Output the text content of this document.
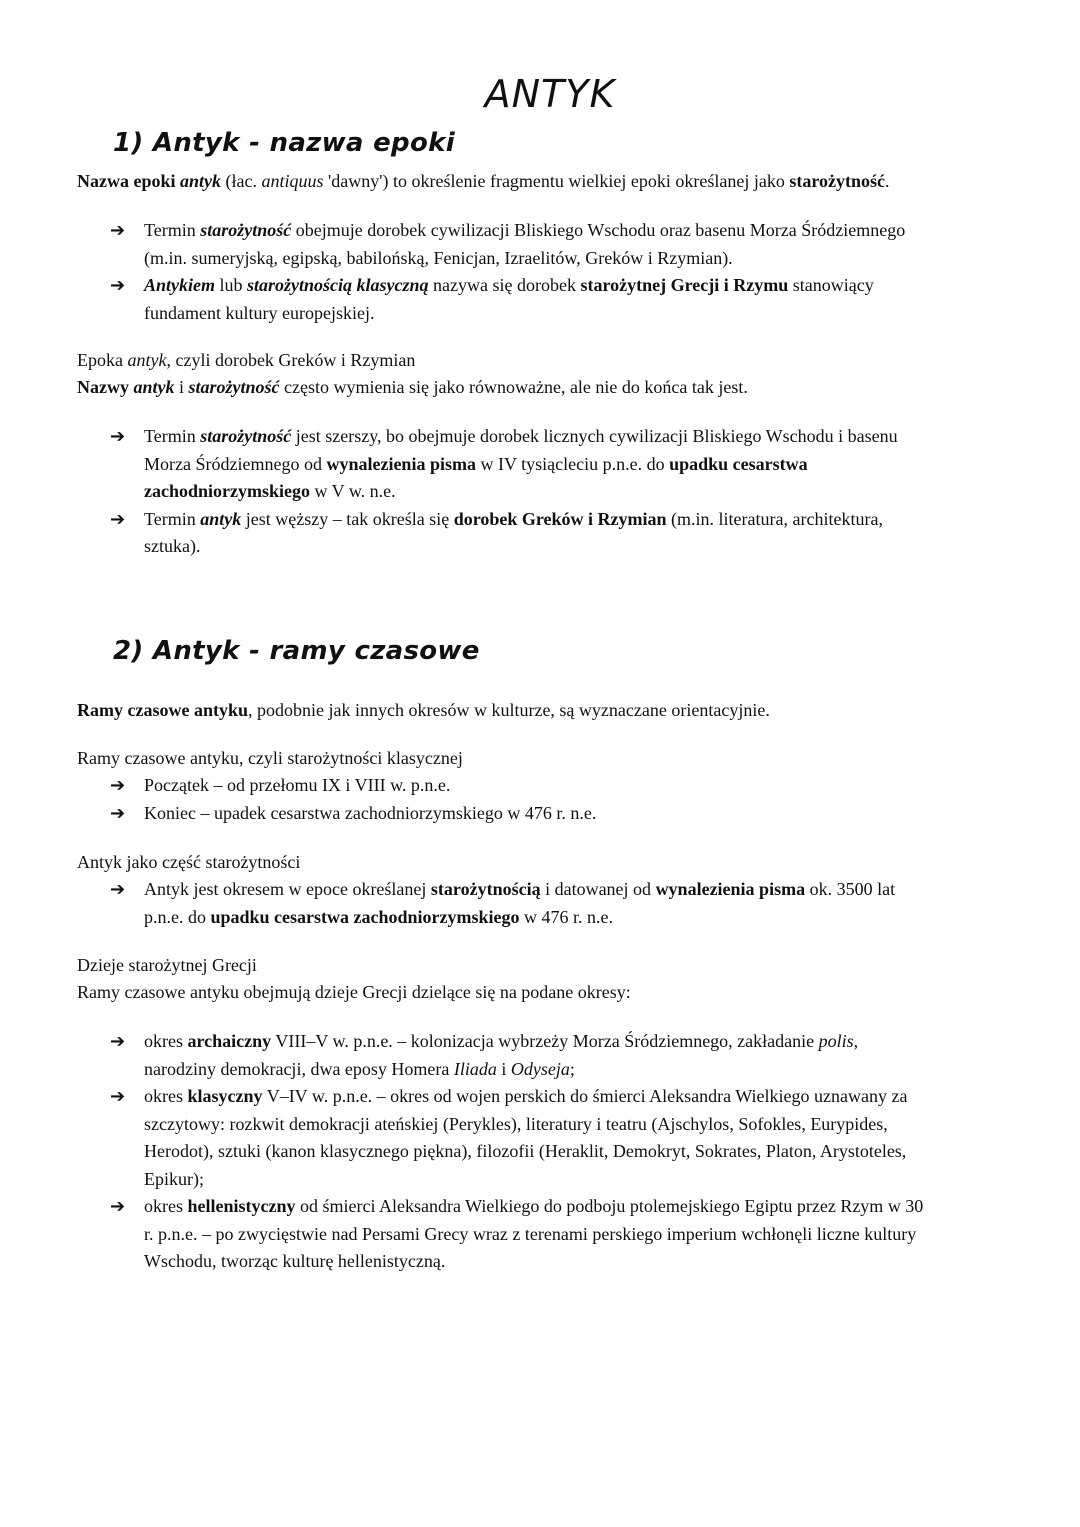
ANTYK
1) Antyk - nazwa epoki
Nazwa epoki antyk (łac. antiquus 'dawny') to określenie fragmentu wielkiej epoki określanej jako starożytność.
➔ Termin starożytność obejmuje dorobek cywilizacji Bliskiego Wschodu oraz basenu Morza Śródziemnego
(m.in. sumeryjską, egipską, babilońską, Fenicjan, Izraelitów, Greków i Rzymian).
➔ Antykiem lub starożytnością klasyczną nazywa się dorobek starożytnej Grecji i Rzymu stanowiący
fundament kultury europejskiej.
Epoka antyk, czyli dorobek Greków i Rzymian
Nazwy antyk i starożytność często wymienia się jako równoważne, ale nie do końca tak jest.
➔ Termin starożytność jest szerszy, bo obejmuje dorobek licznych cywilizacji Bliskiego Wschodu i basenu
Morza Śródziemnego od wynalezienia pisma w IV tysiącleciu p.n.e. do upadku cesarstwa
zachodniorzymskiego w V w. n.e.
➔ Termin antyk jest węższy – tak określa się dorobek Greków i Rzymian (m.in. literatura, architektura,
sztuka).
2) Antyk - ramy czasowe
Ramy czasowe antyku, podobnie jak innych okresów w kulturze, są wyznaczane orientacyjnie.
Ramy czasowe antyku, czyli starożytności klasycznej
➔ Początek – od przełomu IX i VIII w. p.n.e.
➔ Koniec – upadek cesarstwa zachodniorzymskiego w 476 r. n.e.
Antyk jako część starożytności
➔ Antyk jest okresem w epoce określanej starożytnością i datowanej od wynalezienia pisma ok. 3500 lat
p.n.e. do upadku cesarstwa zachodniorzymskiego w 476 r. n.e.
Dzieje starożytnej Grecji
Ramy czasowe antyku obejmują dzieje Grecji dzielące się na podane okresy:
➔ okres archaiczny VIII–V w. p.n.e. – kolonizacja wybrzeży Morza Śródziemnego, zakładanie polis,
narodziny demokracji, dwa eposy Homera Iliada i Odyseja;
➔ okres klasyczny V–IV w. p.n.e. – okres od wojen perskich do śmierci Aleksandra Wielkiego uznawany za
szczytowy: rozkwit demokracji ateńskiej (Perykles), literatury i teatru (Ajschylos, Sofokles, Eurypides,
Herodot), sztuki (kanon klasycznego piękna), filozofii (Heraklit, Demokryt, Sokrates, Platon, Arystoteles,
Epikur);
➔ okres hellenistyczny od śmierci Aleksandra Wielkiego do podboju ptolemejskiego Egiptu przez Rzym w 30
r. p.n.e. – po zwycięstwie nad Persami Grecy wraz z terenami perskiego imperium wchłonęli liczne kultury
Wschodu, tworząc kulturę hellenistyczną.
